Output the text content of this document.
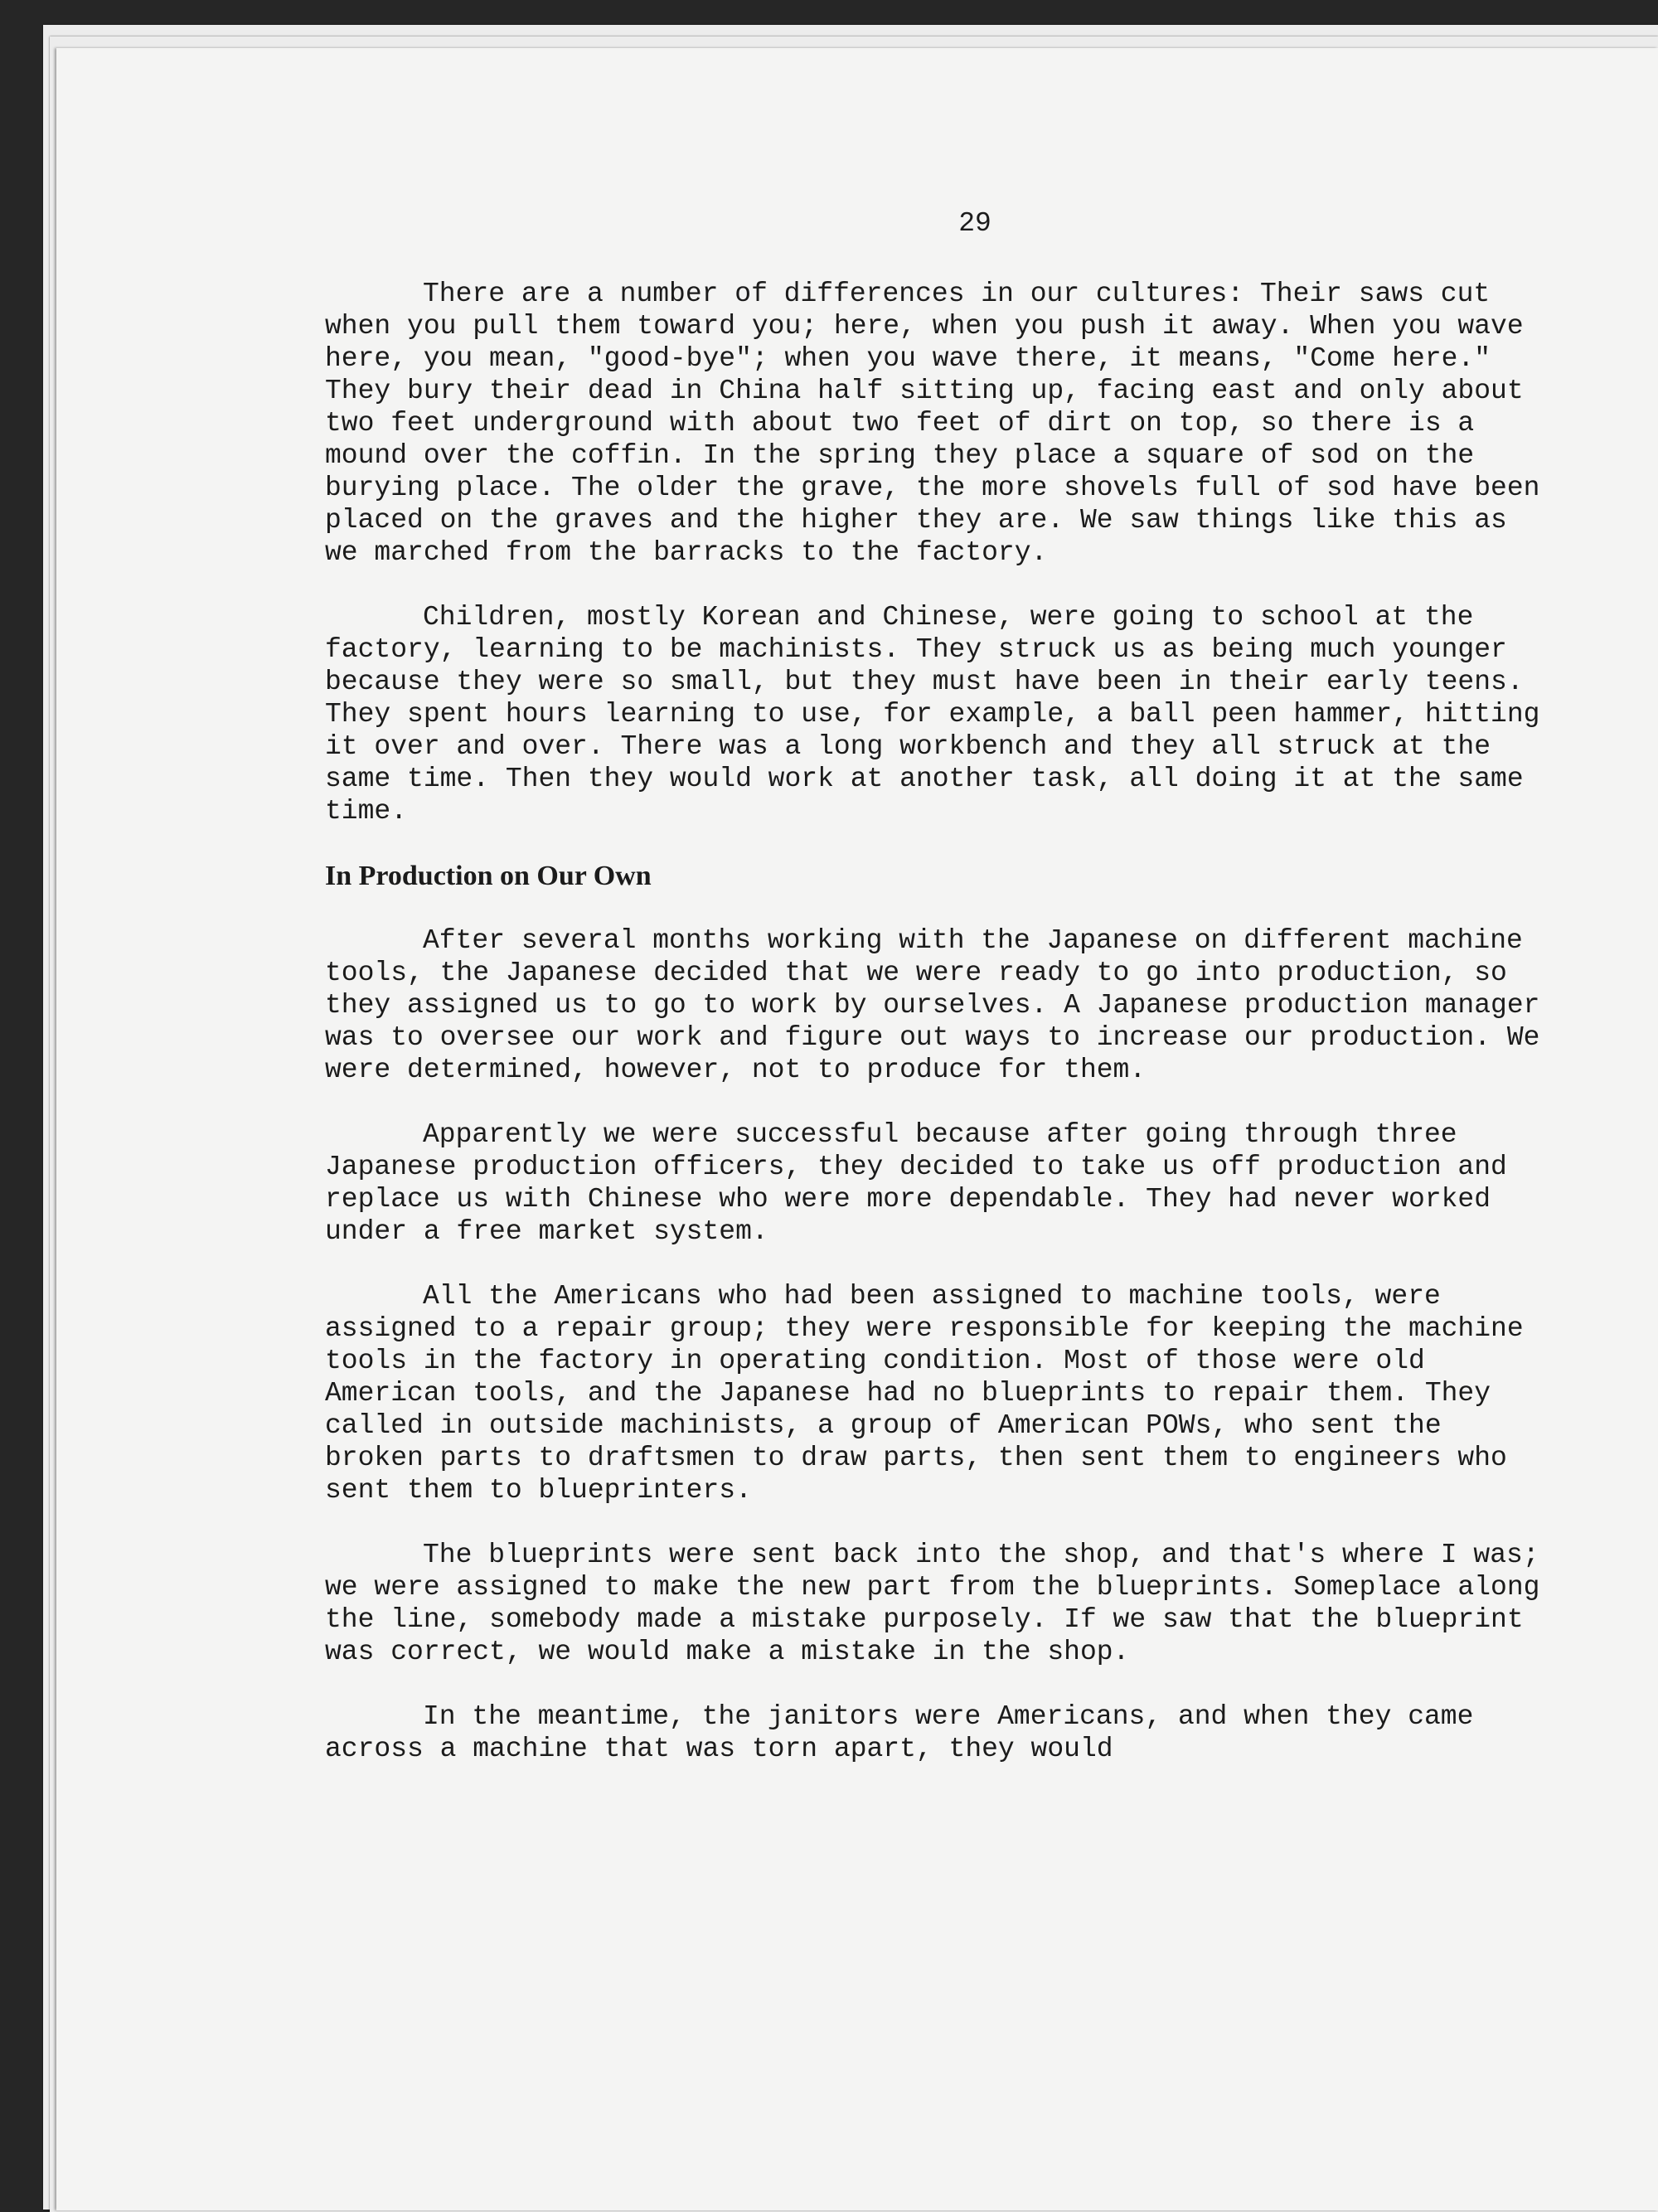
29

There are a number of differences in our cultures: Their saws cut when you pull them toward you; here, when you push it away. When you wave here, you mean, "good-bye"; when you wave there, it means, "Come here." They bury their dead in China half sitting up, facing east and only about two feet underground with about two feet of dirt on top, so there is a mound over the coffin. In the spring they place a square of sod on the burying place. The older the grave, the more shovels full of sod have been placed on the graves and the higher they are. We saw things like this as we marched from the barracks to the factory.

Children, mostly Korean and Chinese, were going to school at the factory, learning to be machinists. They struck us as being much younger because they were so small, but they must have been in their early teens. They spent hours learning to use, for example, a ball peen hammer, hitting it over and over. There was a long workbench and they all struck at the same time. Then they would work at another task, all doing it at the same time.

In Production on Our Own

After several months working with the Japanese on different machine tools, the Japanese decided that we were ready to go into production, so they assigned us to go to work by ourselves. A Japanese production manager was to oversee our work and figure out ways to increase our production. We were determined, however, not to produce for them.

Apparently we were successful because after going through three Japanese production officers, they decided to take us off production and replace us with Chinese who were more dependable. They had never worked under a free market system.

All the Americans who had been assigned to machine tools, were assigned to a repair group; they were responsible for keeping the machine tools in the factory in operating condition. Most of those were old American tools, and the Japanese had no blueprints to repair them. They called in outside machinists, a group of American POWs, who sent the broken parts to draftsmen to draw parts, then sent them to engineers who sent them to blueprinters.

The blueprints were sent back into the shop, and that's where I was; we were assigned to make the new part from the blueprints. Someplace along the line, somebody made a mistake purposely. If we saw that the blueprint was correct, we would make a mistake in the shop.

In the meantime, the janitors were Americans, and when they came across a machine that was torn apart, they would
